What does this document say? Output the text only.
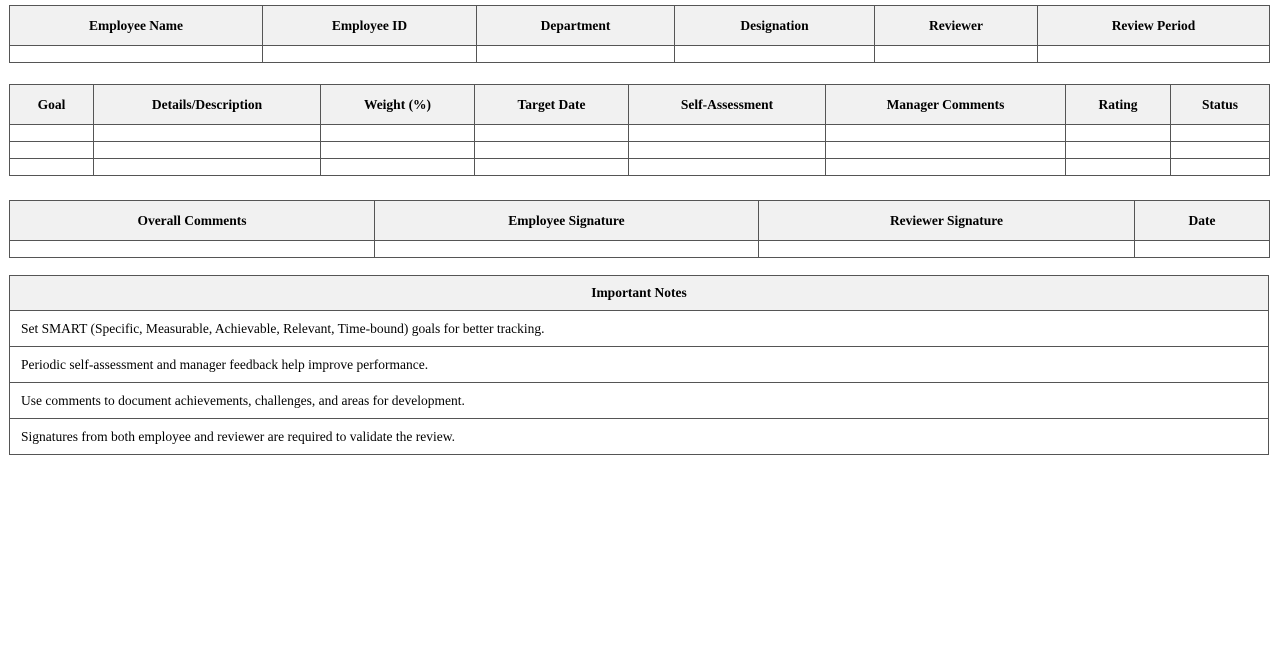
Employee Name	Employee ID	Department	Designation	Reviewer	Review Period

Goal	Details/Description	Weight (%)	Target Date	Self-Assessment	Manager Comments	Rating	Status

Overall Comments	Employee Signature	Reviewer Signature	Date

Important Notes
Set SMART (Specific, Measurable, Achievable, Relevant, Time-bound) goals for better tracking.
Periodic self-assessment and manager feedback help improve performance.
Use comments to document achievements, challenges, and areas for development.
Signatures from both employee and reviewer are required to validate the review.
